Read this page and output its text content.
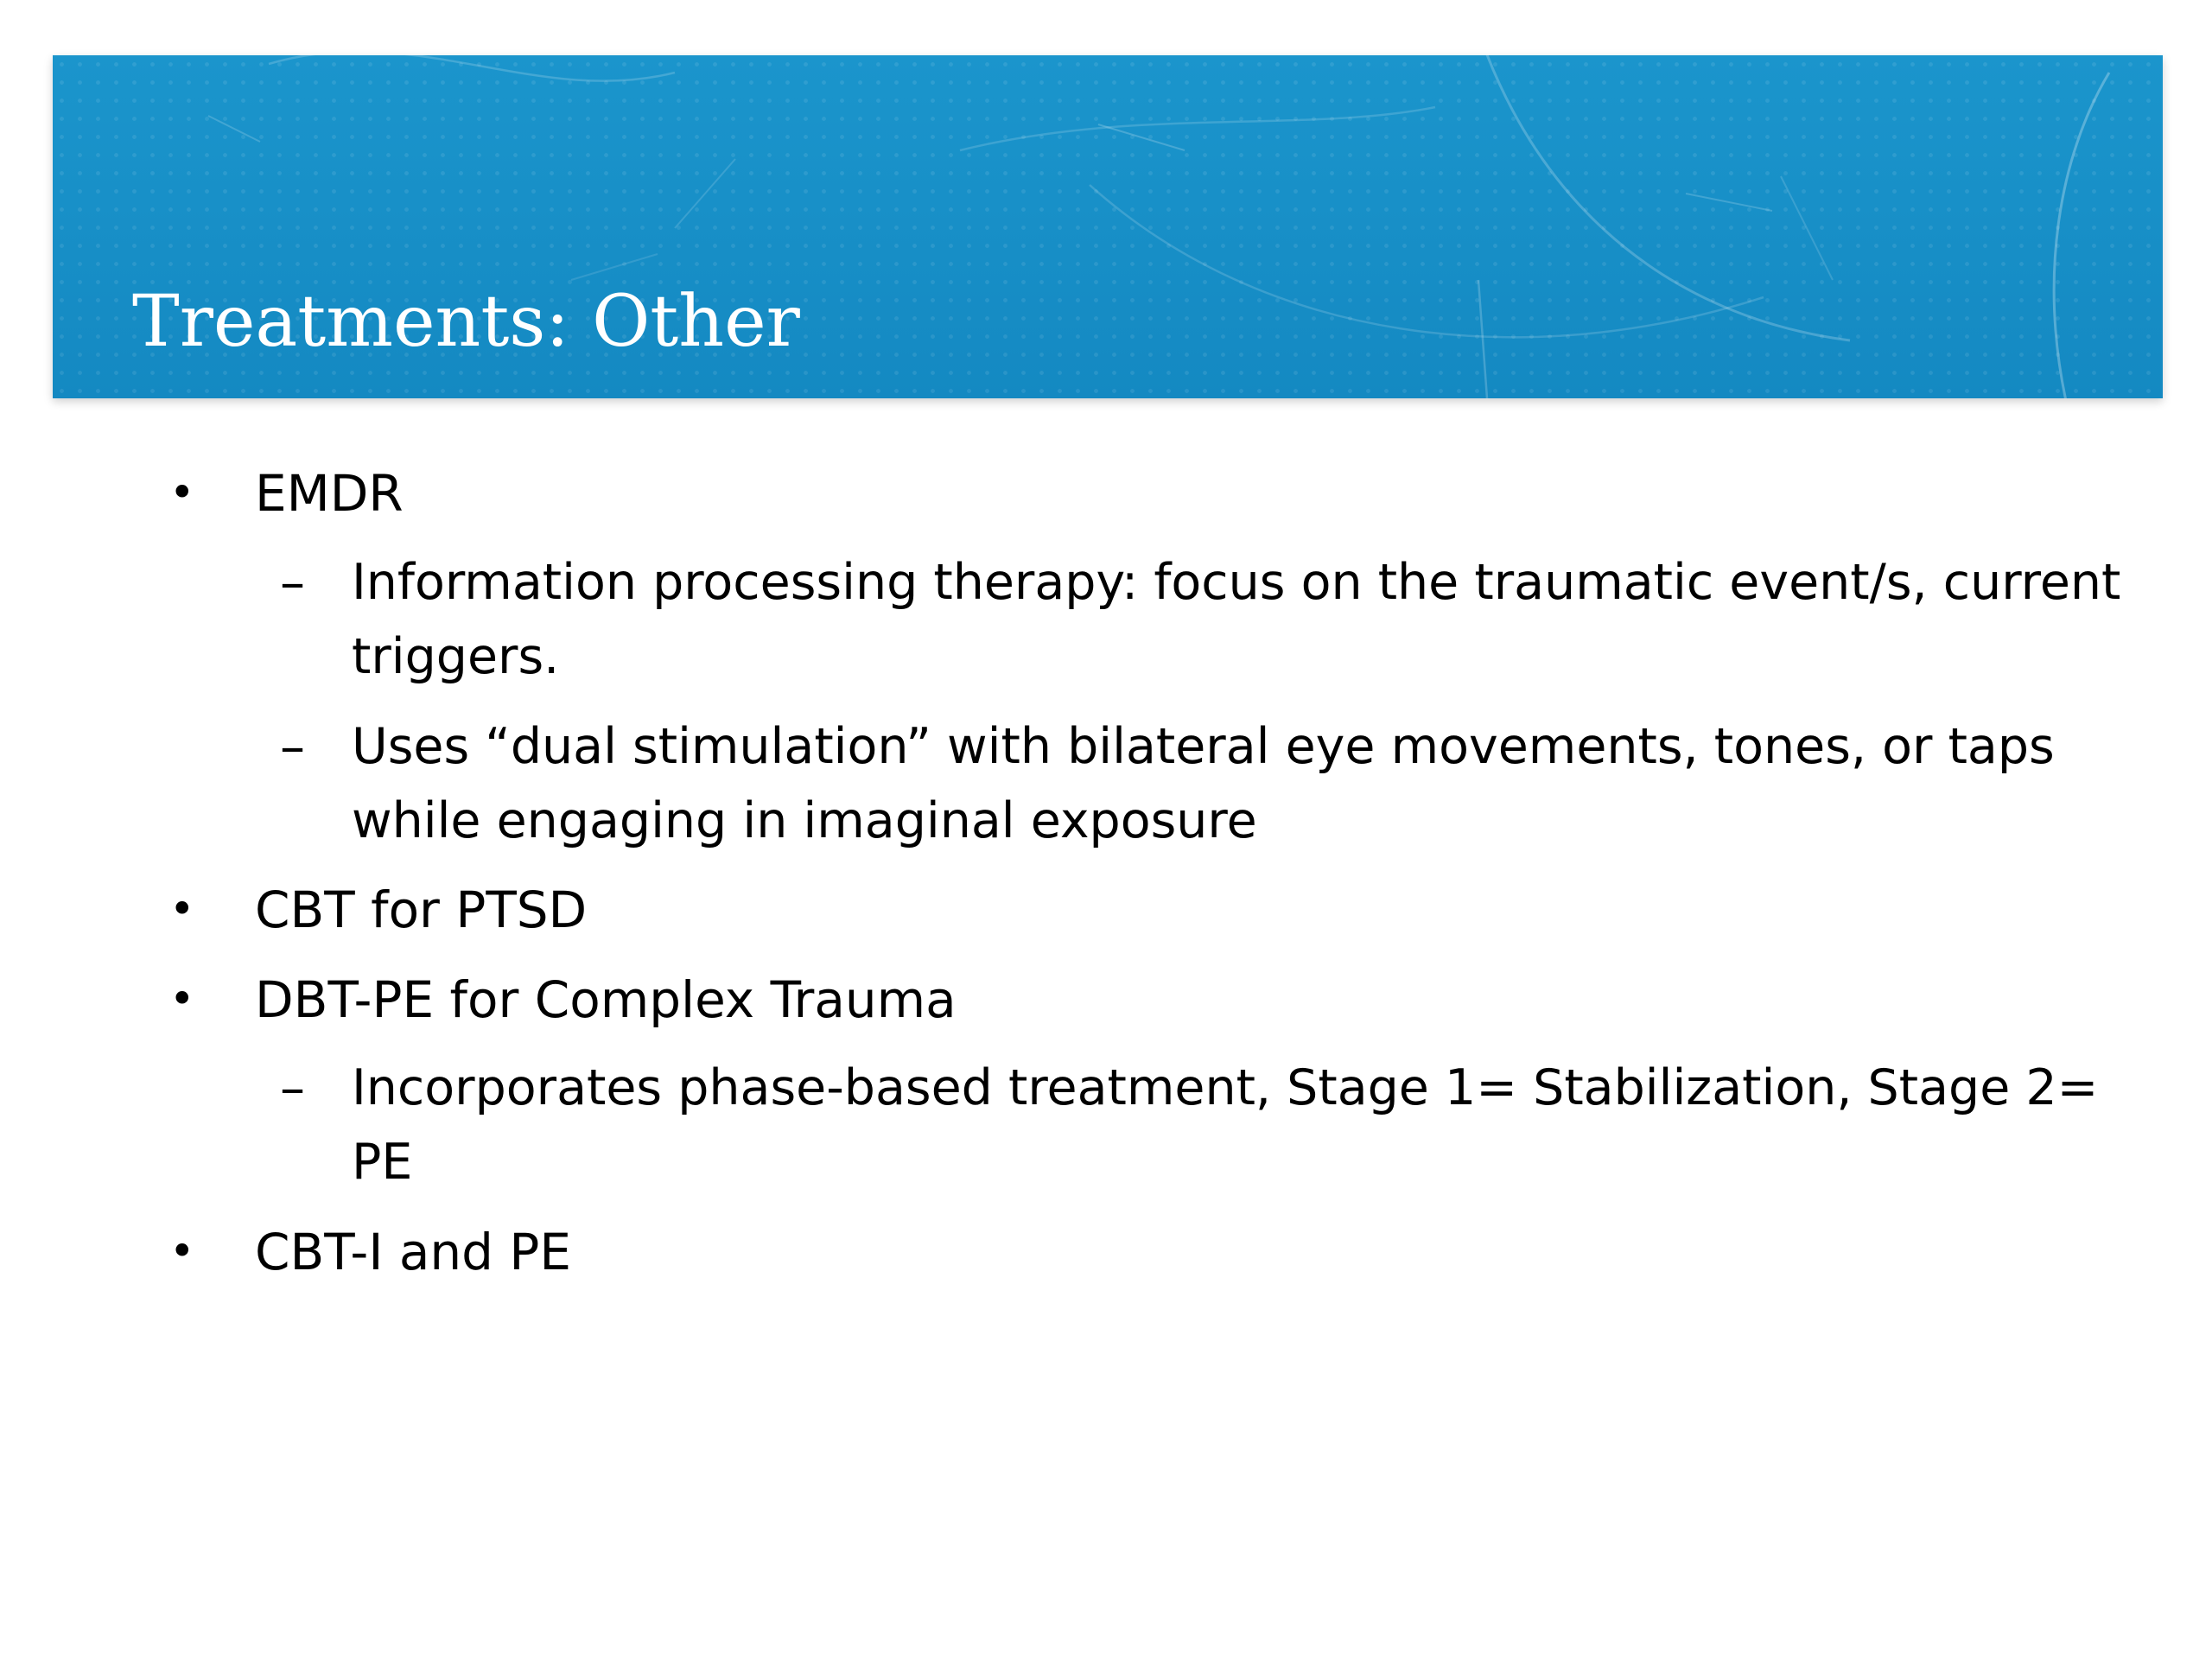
Treatments: Other
• EMDR
– Information processing therapy: focus on the traumatic event/s, current triggers.
– Uses “dual stimulation” with bilateral eye movements, tones, or taps while engaging in imaginal exposure
• CBT for PTSD
• DBT-PE for Complex Trauma
– Incorporates phase-based treatment, Stage 1= Stabilization, Stage 2= PE
• CBT-I and PE
